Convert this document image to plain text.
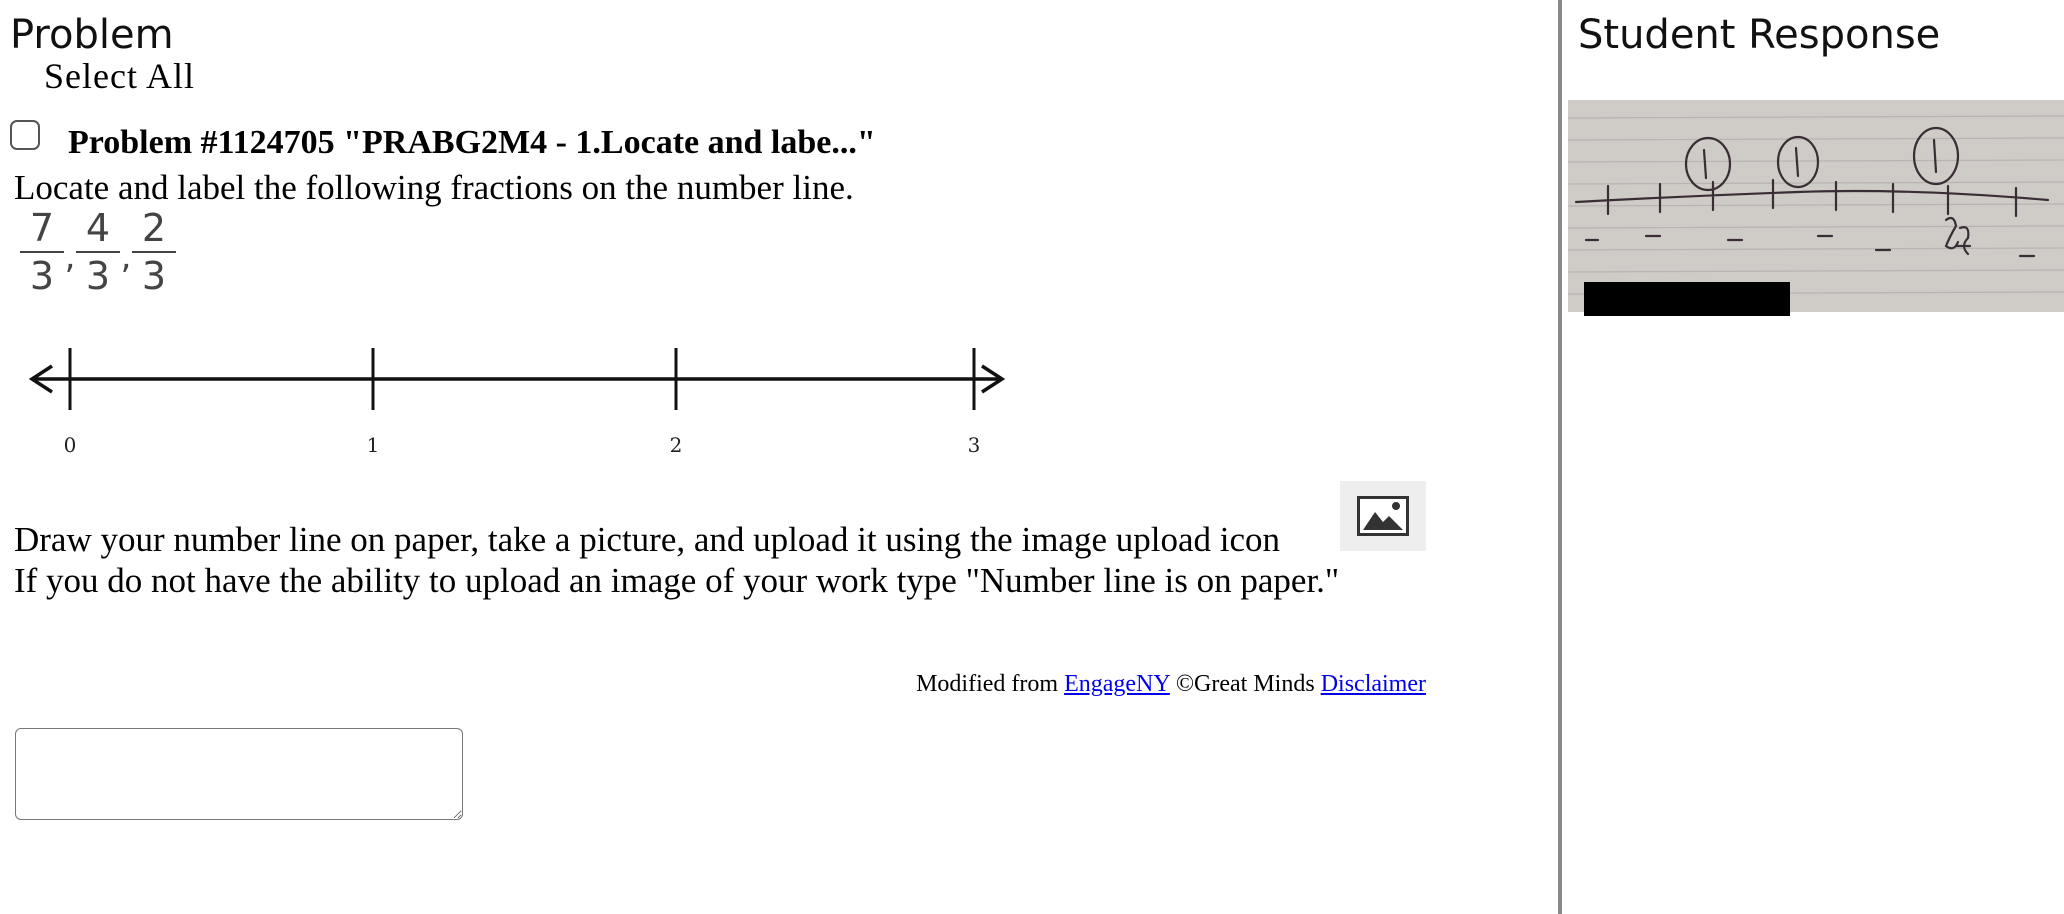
Problem
Select All
Problem #1124705 "PRABG2M4 - 1.Locate and labe..."
Locate and label the following fractions on the number line.
$\frac{7}{3}$ , $\frac{4}{3}$ , $\frac{2}{3}$
0	1	2	3
Draw your number line on paper, take a picture, and upload it using the image upload icon
If you do not have the ability to upload an image of your work type "Number line is on paper."
Modified from EngageNY ©Great Minds Disclaimer
Student Response
